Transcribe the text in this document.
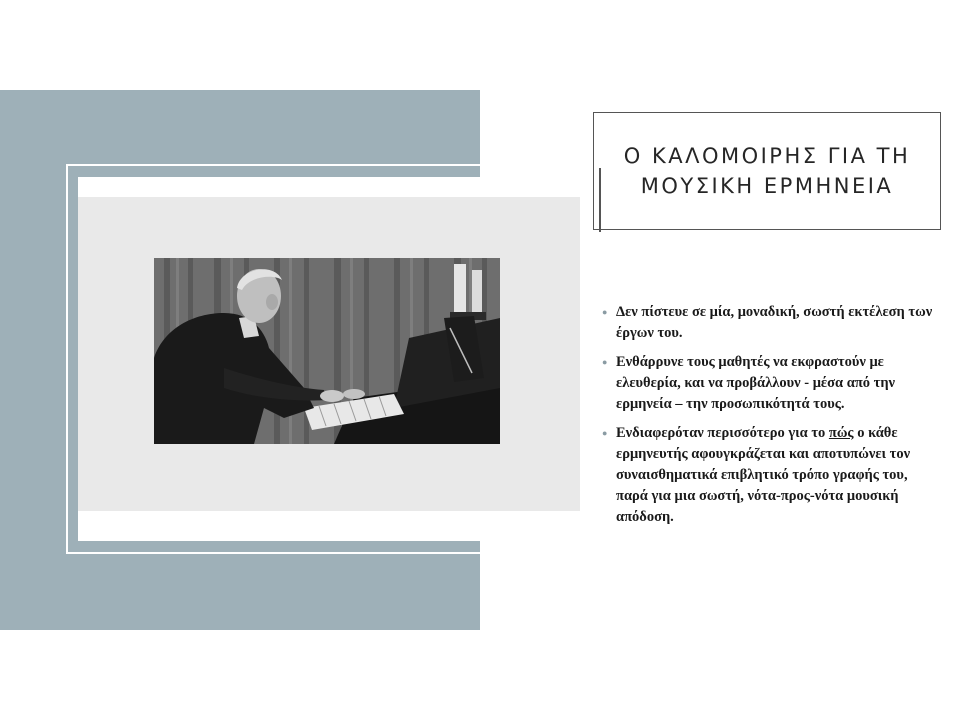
Ο ΚΑΛΟΜΟΙΡΗΣ ΓΙΑ ΤΗ ΜΟΥΣΙΚΗ ΕΡΜΗΝΕΙΑ
● Δεν πίστευε σε μία, μοναδική, σωστή εκτέλεση των έργων του.
● Ενθάρρυνε τους μαθητές να εκφραστούν με ελευθερία, και να προβάλλουν - μέσα από την ερμηνεία – την προσωπικότητά τους.
● Ενδιαφερόταν περισσότερο για το πώς ο κάθε ερμηνευτής αφουγκράζεται και αποτυπώνει τον συναισθηματικά επιβλητικό τρόπο γραφής του, παρά για μια σωστή, νότα-προς-νότα μουσική απόδοση.
